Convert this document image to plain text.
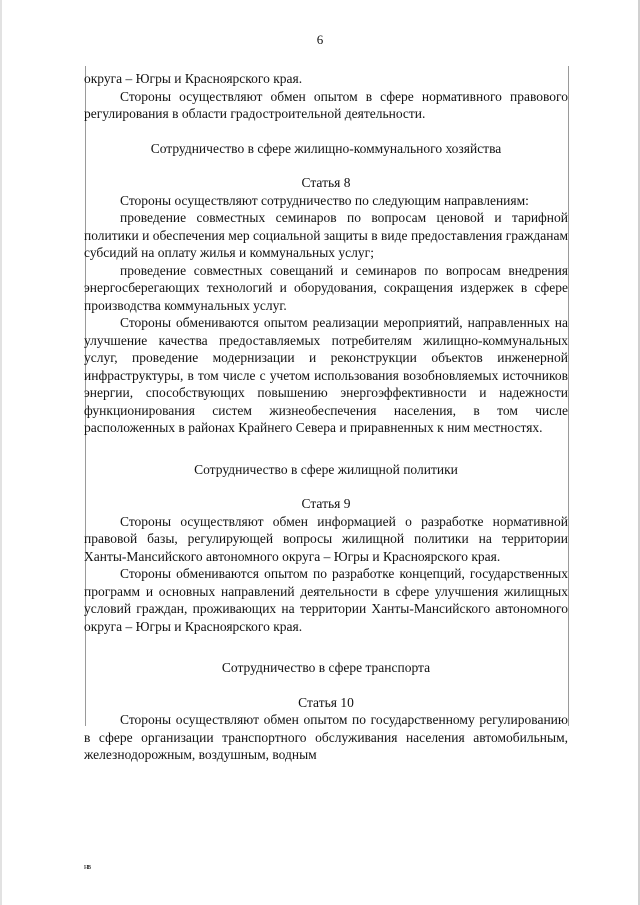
6

округа – Югры и Красноярского края.

Стороны осуществляют обмен опытом в сфере нормативного правового регулирования в области градостроительной деятельности.

Сотрудничество в сфере жилищно-коммунального хозяйства

Статья 8

Стороны осуществляют сотрудничество по следующим направлениям:

проведение совместных семинаров по вопросам ценовой и тарифной политики и обеспечения мер социальной защиты в виде предоставления гражданам субсидий на оплату жилья и коммунальных услуг;

проведение совместных совещаний и семинаров по вопросам внедрения энергосберегающих технологий и оборудования, сокращения издержек в сфере производства коммунальных услуг.

Стороны обмениваются опытом реализации мероприятий, направленных на улучшение качества предоставляемых потребителям жилищно-коммунальных услуг, проведение модернизации и реконструкции объектов инженерной инфраструктуры, в том числе с учетом использования возобновляемых источников энергии, способствующих повышению энергоэффективности и надежности функционирования систем жизнеобеспечения населения, в том числе расположенных в районах Крайнего Севера и приравненных к ним местностях.

Сотрудничество в сфере жилищной политики

Статья 9

Стороны осуществляют обмен информацией о разработке нормативной правовой базы, регулирующей вопросы жилищной политики на территории Ханты-Мансийского автономного округа – Югры и Красноярского края.

Стороны обмениваются опытом по разработке концепций, государственных программ и основных направлений деятельности в сфере улучшения жилищных условий граждан, проживающих на территории Ханты-Мансийского автономного округа – Югры и Красноярского края.

Сотрудничество в сфере транспорта

Статья 10

Стороны осуществляют обмен опытом по государственному регулированию в сфере организации транспортного обслуживания населения автомобильным, железнодорожным, воздушным, водным

нв
